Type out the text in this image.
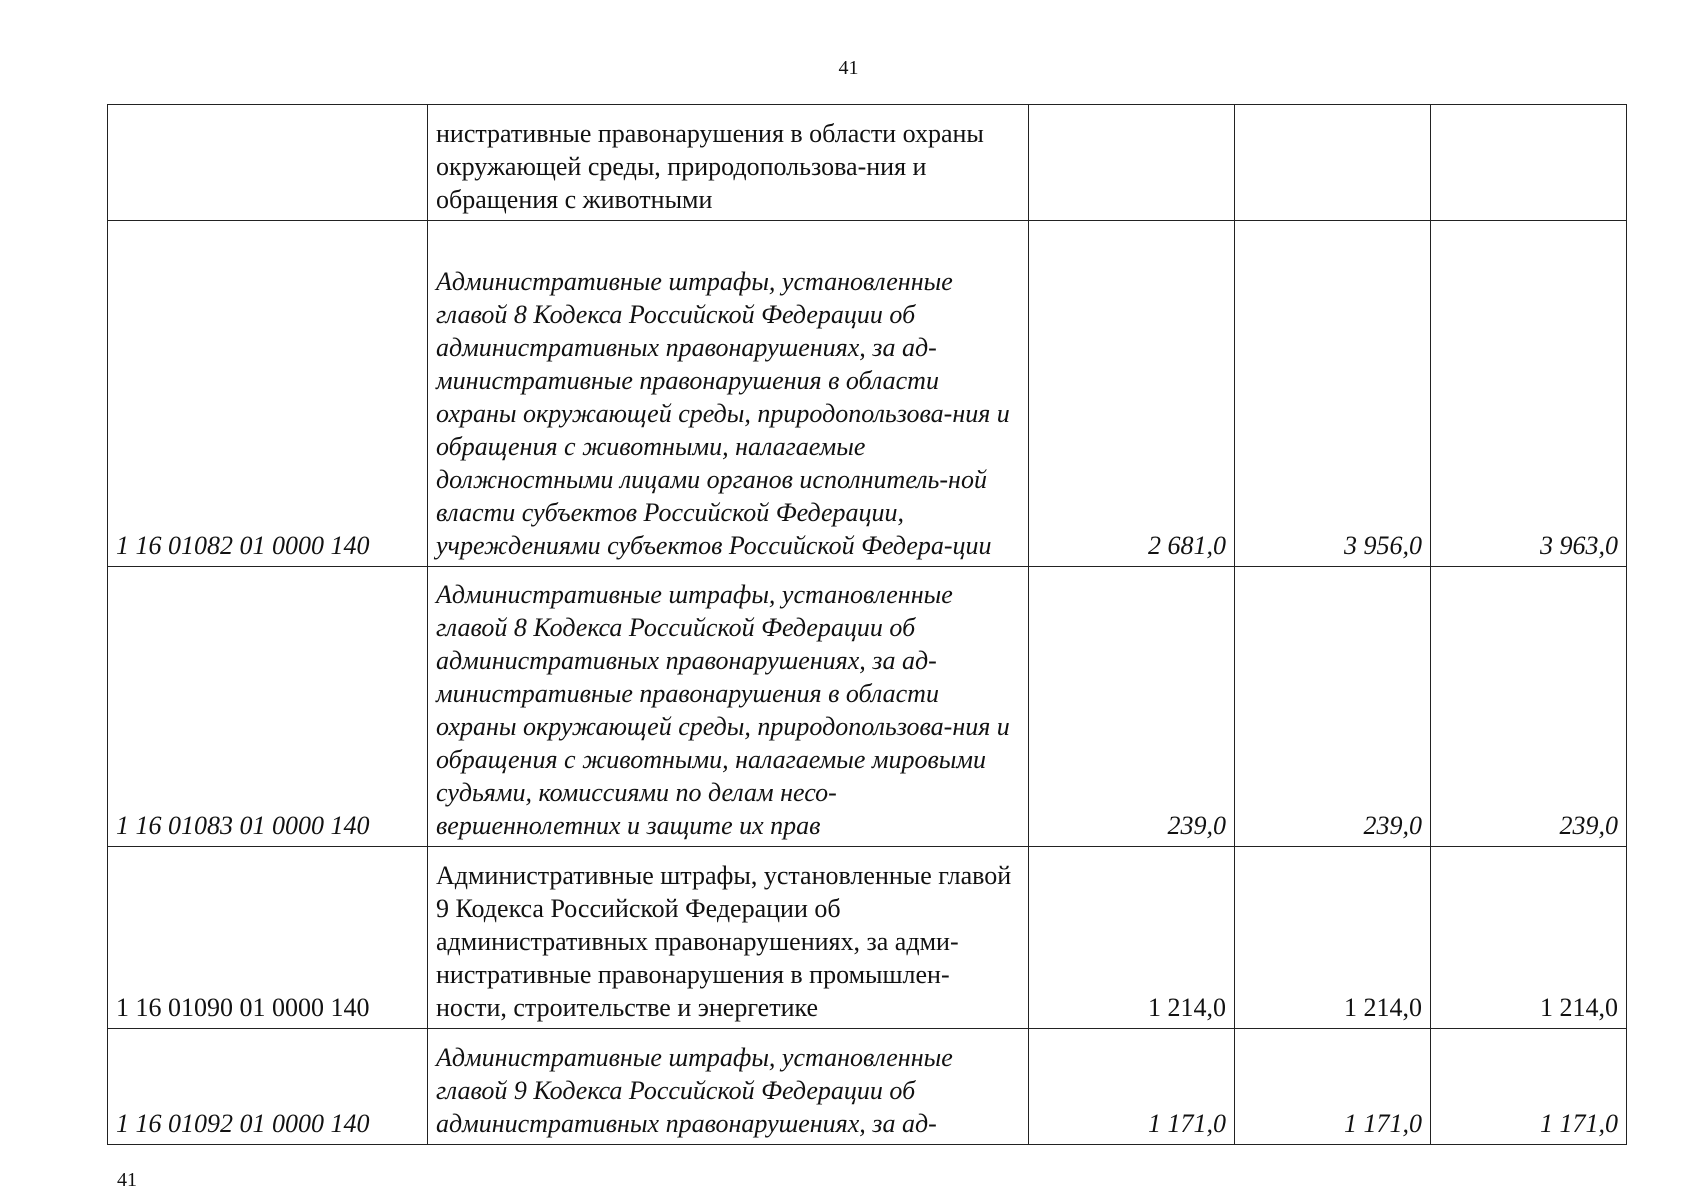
41
	нистративные правонарушения в области охраны окружающей среды, природопользова-ния и обращения с животными			
1 16 01082 01 0000 140	Административные штрафы, установленные главой 8 Кодекса Российской Федерации об административных правонарушениях, за ад-министративные правонарушения в области охраны окружающей среды, природопользова-ния и обращения с животными, налагаемые должностными лицами органов исполнитель-ной власти субъектов Российской Федерации, учреждениями субъектов Российской Федера-ции	2 681,0	3 956,0	3 963,0
1 16 01083 01 0000 140	Административные штрафы, установленные главой 8 Кодекса Российской Федерации об административных правонарушениях, за ад-министративные правонарушения в области охраны окружающей среды, природопользова-ния и обращения с животными, налагаемые мировыми судьями, комиссиями по делам несо-вершеннолетних и защите их прав	239,0	239,0	239,0
1 16 01090 01 0000 140	Административные штрафы, установленные главой 9 Кодекса Российской Федерации об административных правонарушениях, за адми-нистративные правонарушения в промышлен-ности, строительстве и энергетике	1 214,0	1 214,0	1 214,0
1 16 01092 01 0000 140	Административные штрафы, установленные главой 9 Кодекса Российской Федерации об административных правонарушениях, за ад-	1 171,0	1 171,0	1 171,0
41
